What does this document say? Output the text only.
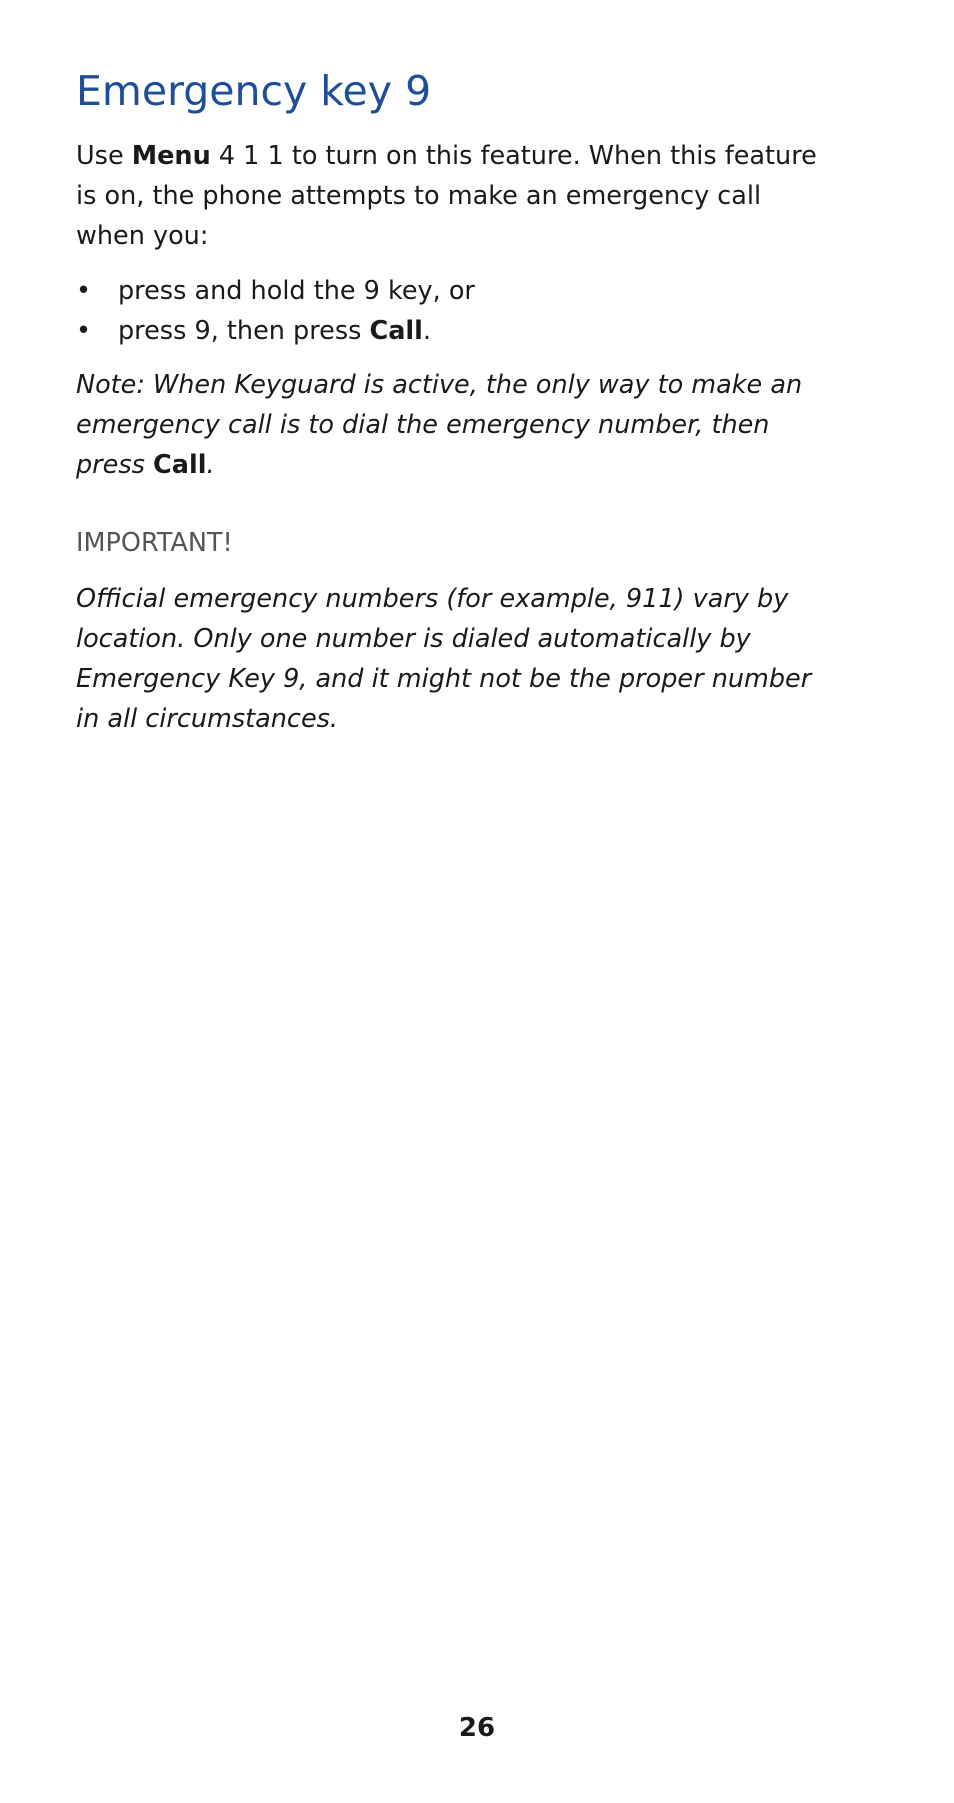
Emergency key 9

Use Menu 4 1 1 to turn on this feature. When this feature is on, the phone attempts to make an emergency call when you:

• press and hold the 9 key, or
• press 9, then press Call.

Note: When Keyguard is active, the only way to make an emergency call is to dial the emergency number, then press Call.

IMPORTANT!

Official emergency numbers (for example, 911) vary by location. Only one number is dialed automatically by Emergency Key 9, and it might not be the proper number in all circumstances.

26
